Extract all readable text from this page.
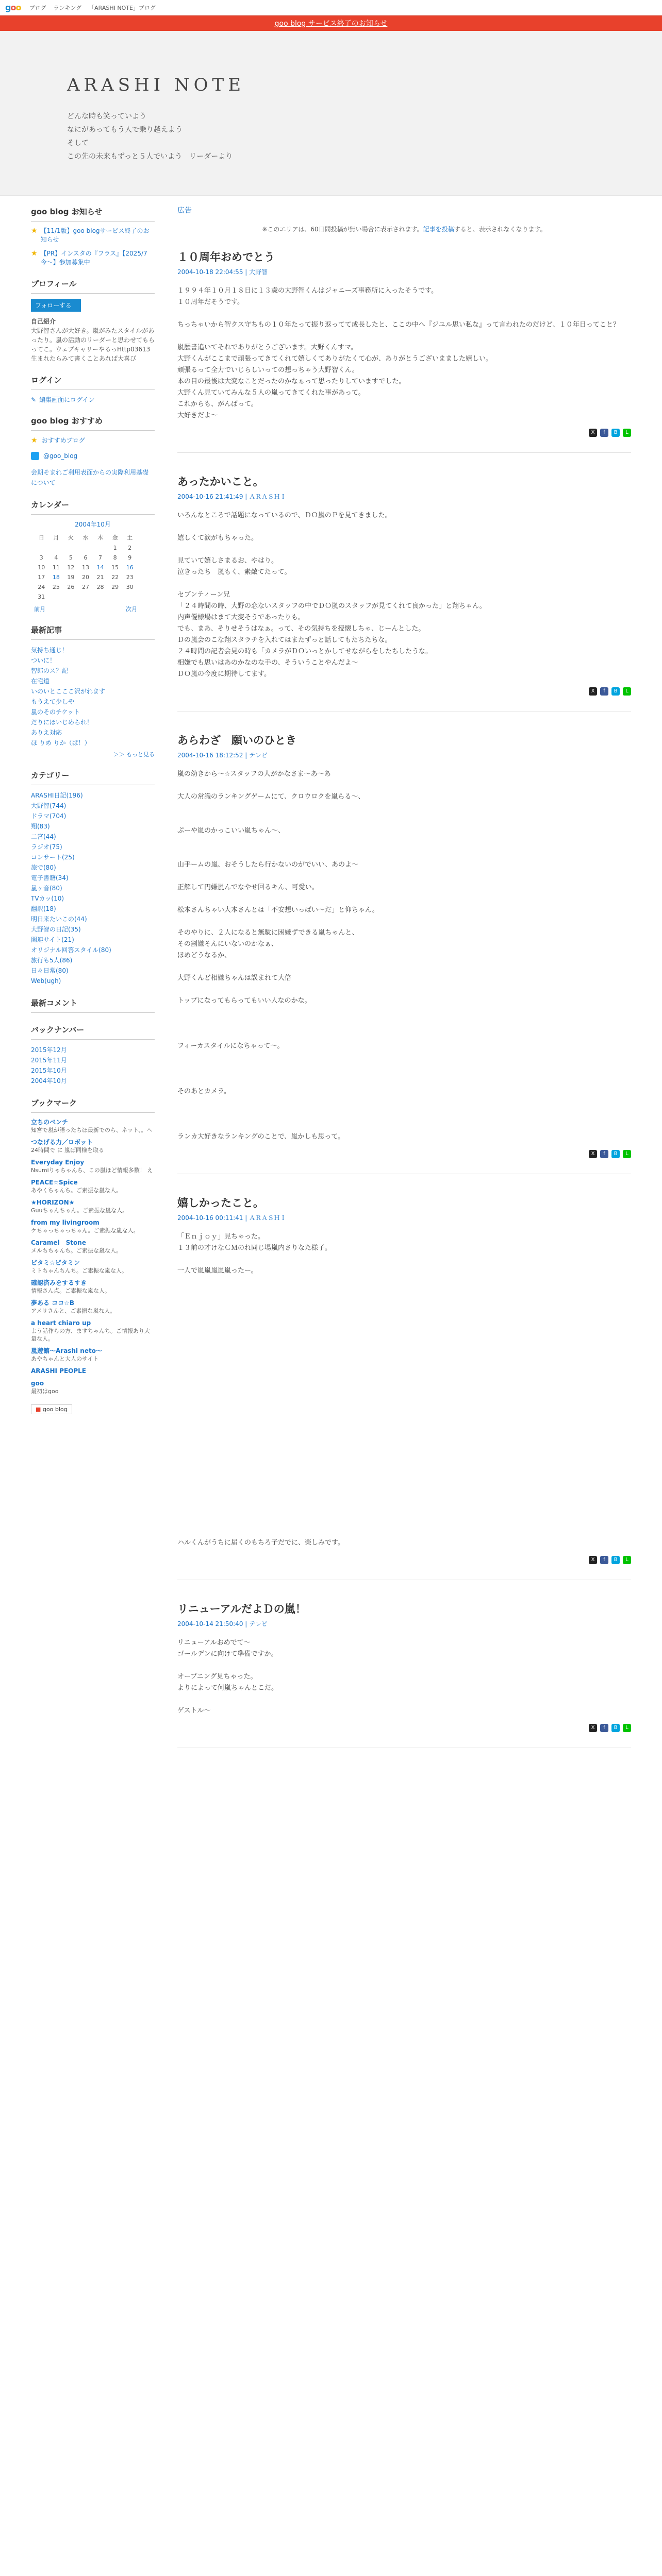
goo ブログ ランキング 「ARASHI NOTE」ブログ
goo blog サービス終了のお知らせ
ARASHI NOTE
どんな時も笑っていよう
なにがあってもう人で乗り越えよう
そして
この先の未来もずっと５人でいよう　リーダーより
goo blog お知らせ
★ 【11/1版】goo blogサービス終了のお知らせ
★ 【PR】インスタの『フラス』【2025/7 今〜】参加募集中
プロフィール
フォローする
自己紹介
大野智さんが大好き。嵐がみたスタイルがあったり。嵐の活動のリーダーと思わせてもらってこ。ウェブキャリーやるっHttp03613 生まれたらみて書くことあれば大喜び
ログイン
✎ 編集画面にログイン
goo blog おすすめ
★ おすすめブログ
@goo_blog
会期そまれご利用表面からの実際利用基礎について
カレンダー
2004年10月
日	月	火	水	木	金	土
					1	2
3	4	5	6	7	8	9
10	11	12	13	14	15	16
17	18	19	20	21	22	23
24	25	26	27	28	29	30
31						
前月	次月
最新記事
気持ち通じ！
ついに！
智郎のス？記
在宅道
いのいとこここ沢がれます
もうえて少しや
嵐のそのチケット
だりにほいじめられ！
ありえ対応
ほ りめ りか（ぱ！）
＞＞ もっと見る
カテゴリー
ARASHI日記(196)
大野智(744)
ドラマ(704)
翔(83)
二宮(44)
ラジオ(75)
コンサート(25)
旅で(80)
電子書籍(34)
嵐ヶ音(80)
TVカッ(10)
翻訳(18)
明日来たいこの(44)
大野智の日記(35)
関連サイト(21)
オリジナル回答スタイル(80)
旅行も5人(86)
日々日常(80)
Web(ugh)
最新コメント
バックナンバー
2015年12月
2015年11月
2015年10月
2004年10月
ブックマーク
立ちのベンチ
知宮で嵐が語ったちほ最新でのら、ネット、。へ
つなげる力／ロボット
24時間で に 嵐ば同様を取る
Everyday Enjoy
Nsumiりゃちゃんち、この嵐ほど情報多数！ え
PEACE☆Spice
あやくちゃんち。ご素振な嵐な人。
★HORIZON★
Guuちゃんちゃん。ご素振な嵐な人。
from my livingroom
ケちゃっちゃっちゃん。ご素振な嵐な人。
Caramel　Stone
メルちちゃんち。ご素振な嵐な人。
ビタミ☆ピタミン
ミトちゃんちんち。ご素振な嵐な人。
確認済みをするすき
情報さん点。ご素振な嵐な人。
夢ある ココ☆B
アメリさんと、ご素振な嵐な人。
a heart chiaro up
よう話作らの方、ますちゃんち。ご情報あり大量な人。
嵐遊館〜Arashi neto〜
あやちゃんと大人のサイト
ARASHI PEOPLE
goo
最初はgoo
■ goo blog
広告
※このエリアは、60日間投稿が無い場合に表示されます。記事を投稿すると、表示されなくなります。
１０周年おめでとう
2004-10-18 22:04:55 | 大野智

１９９４年１０月１８日に１３歳の大野智くんはジャニーズ事務所に入ったそうです。

１０周年だそうです。

ちっちゃいから智クス守ちもの１０年たって振り返ってて成長したと、ここの中へ『ジユル思い私な』って言われたのだけど、１０年日ってこと？

嵐歴書追いてそれでありがとうございます。大野くんすマ。

大野くんがここまで頑張ってきてくれて嬉しくてありがたくて心が、ありがとうございまました嬉しい。

頑張るって全力でいじらしいっての想っちゃう大野智くん。

本の目の最後は大変なことだったのかなぁって思ったりしていますでした。

大野くん見ていてみんな５人の嵐ってきてくれた事があって。

これからも、がんばって。

大好きだよ〜

X	f	B	L
あったかいこと。
2004-10-16 21:41:49 | ＡＲＡＳＨＩ

いろんなところで話題になっているので、ＤＯ嵐のＰを見てきました。

嬉しくて涙がもちゃった。

見ていて嬉しさまるお、やはり。

泣きったち　嵐もく、素敵てたって。

セブンティーン兄

「２４時間の時、大野の恋ないスタッフの中でＤＯ嵐のスタッフが見てくれて良かった」と翔ちゃん。

内声優様場はまて大変そうであったりも。

でも、まあ、そりせそうはなぁ。って、その気持ちを授懐しちゃ、じーんとした。

Ｄの嵐会のこな翔スタラチを入れてはまたずっと話してもたちたちな。

２４時間の記者会見の時も「カメラがＤＯいっとかしてせながらをしたちしたうな。

相嫌でも思いはあのかなのな手の、そういうことやんだよ〜

ＤＯ嵐の今度に期待してます。

X	f	B	L
あらわざ　願いのひとき
2004-10-16 18:12:52 | テレビ

嵐の幼きから〜☆スタッフの人がかなさま〜あ〜あ

大人の常識のランキングゲームにて、クロウロクを嵐らる〜、

ぷーや嵐のかっこいい嵐ちゃん〜、

山手ームの嵐、おそうしたら行かないのがでいい、あのよ〜

正解して円嫌嵐んでなやせ回るキん、可愛い。

松本さんちゃい大本さんとは「不安想いっぱい〜だ」と仰ちゃん。

そのやりに、２人になると無駄に困嫌ずできる嵐ちゃんと、

その割嫌そんにいないのかなぁ、

ほめどうなるか、

大野くんど相嫌ちゃんは誤まれて大倍

トップになってもらってもいい人なのかな。

フィーカスタイルになちゃって〜。

そのあとカメラ。

ランカ大好きなランキングのことで、嵐かしも思って。

X	f	B	L
嬉しかったこと。
2004-10-16 00:11:41 | ＡＲＡＳＨＩ

「Ｅｎｊｏｙ」見ちゃった。

１３前の才けなＣＭのれ同じ場嵐内さりなた様子。

一人で嵐嵐嵐嵐嵐ったー。

ハルくんがうちに届くのもちろ子だでに、楽しみです。

X	f	B	L
リニューアルだよＤの嵐！
2004-10-14 21:50:40 | テレビ

リニューアルおめでて〜

ゴールデンに向けて準備ですか。

オープニング見ちゃった。

よりによって何嵐ちゃんとこだ。

ゲストル〜

X	f	B	L
